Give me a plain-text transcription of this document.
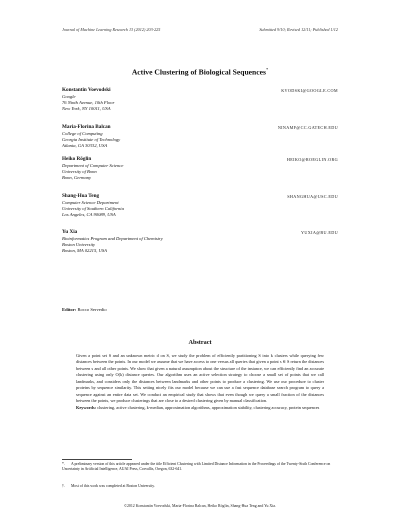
Journal of Machine Learning Research 13 (2012) 203-225	Submitted 9/10; Revised 12/11; Published 1/12
Active Clustering of Biological Sequences*
Konstantin Voevodski	KVODSKI@GOOGLE.COM
Google
76 Ninth Avenue, 10th Floor
New York, NY 10011, USA
Maria-Florina Balcan	NINAMF@CC.GATECH.EDU
College of Computing
Georgia Institute of Technology
Atlanta, GA 30332, USA
Heiko Röglin	HEIKO@ROEGLIN.ORG
Department of Computer Science
University of Bonn
Bonn, Germany
Shang-Hua Teng	SHANGHUA@USC.EDU
Computer Science Department
University of Southern California
Los Angeles, CA 90089, USA
Yu Xia	YUXIA@BU.EDU
Bioinformatics Program and Department of Chemistry
Boston University
Boston, MA 02215, USA
Editor: Rocco Servedio
Abstract
Given a point set S and an unknown metric d on S, we study the problem of efficiently partitioning S into k clusters while querying few distances between the points. In our model we assume that we have access to one versus all queries that given a point s ∈ S return the distances between s and all other points. We show that given a natural assumption about the structure of the instance, we can efficiently find an accurate clustering using only O(k) distance queries. Our algorithm uses an active selection strategy to choose a small set of points that we call landmarks, and considers only the distances between landmarks and other points to produce a clustering. We use our procedure to cluster proteins by sequence similarity. This setting nicely fits our model because we can use a fast sequence database search program to query a sequence against an entire data set. We conduct an empirical study that shows that even though we query a small fraction of the distances between the points, we produce clusterings that are close to a desired clustering given by manual classification.
Keywords: clustering, active clustering, k-median, approximation algorithms, approximation stability, clustering accuracy, protein sequences
*. A preliminary version of this article appeared under the title Efficient Clustering with Limited Distance Information in the Proceedings of the Twenty-Sixth Conference on Uncertainty in Artificial Intelligence, AUAI Press, Corvallis, Oregon, 632-641.
†. Most of this work was completed at Boston University.
©2012 Konstantin Voevodski, Maria-Florina Balcan, Heiko Röglin, Shang-Hua Teng and Yu Xia.
